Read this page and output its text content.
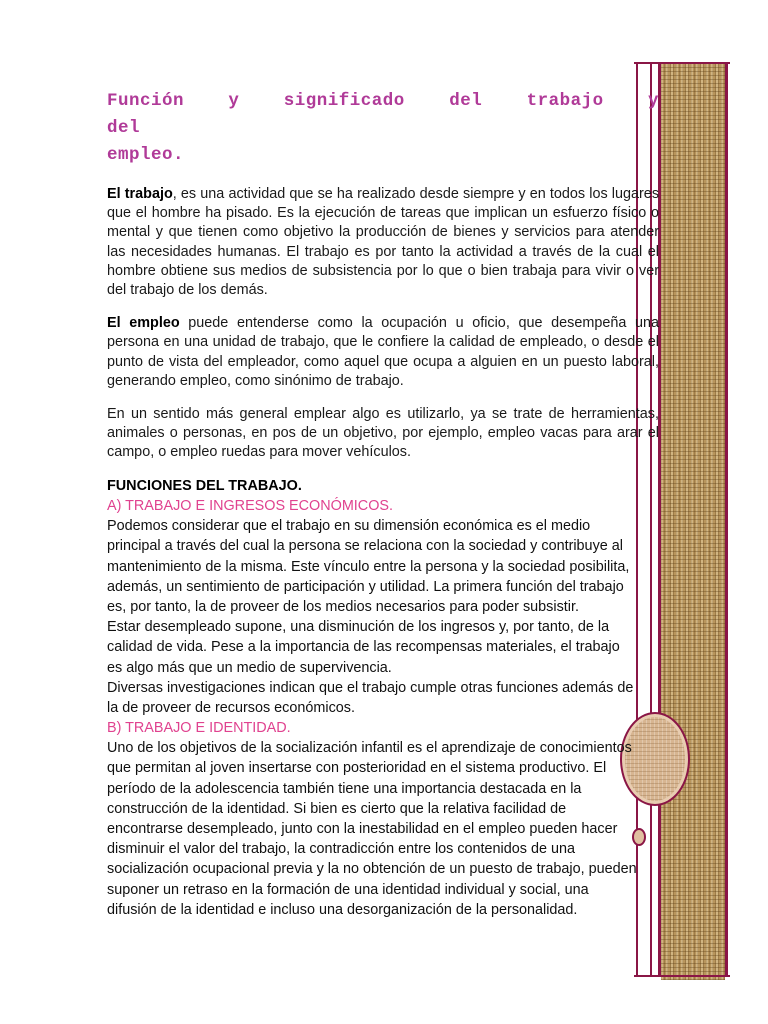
Función y significado del trabajo y del
empleo.

El trabajo, es una actividad que se ha realizado desde siempre y en todos los lugares que el hombre ha pisado. Es la ejecución de tareas que implican un esfuerzo físico o mental y que tienen como objetivo la producción de bienes y servicios para atender las necesidades humanas. El trabajo es por tanto la actividad a través de la cual el hombre obtiene sus medios de subsistencia por lo que o bien trabaja para vivir o ver del trabajo de los demás.

El empleo puede entenderse como la ocupación u oficio, que desempeña una persona en una unidad de trabajo, que le confiere la calidad de empleado, o desde el punto de vista del empleador, como aquel que ocupa a alguien en un puesto laboral, generando empleo, como sinónimo de trabajo.

En un sentido más general emplear algo es utilizarlo, ya se trate de herramientas, animales o personas, en pos de un objetivo, por ejemplo, empleo vacas para arar el campo, o empleo ruedas para mover vehículos.

FUNCIONES DEL TRABAJO.
A) TRABAJO E INGRESOS ECONÓMICOS.
Podemos considerar que el trabajo en su dimensión económica es el medio
principal a través del cual la persona se relaciona con la sociedad y contribuye al
mantenimiento de la misma. Este vínculo entre la persona y la sociedad posibilita,
además, un sentimiento de participación y utilidad. La primera función del trabajo
es, por tanto, la de proveer de los medios necesarios para poder subsistir.
Estar desempleado supone, una disminución de los ingresos y, por tanto, de la
calidad de vida. Pese a la importancia de las recompensas materiales, el trabajo
es algo más que un medio de supervivencia.
Diversas investigaciones indican que el trabajo cumple otras funciones además de
la de proveer de recursos económicos.
B) TRABAJO E IDENTIDAD.
Uno de los objetivos de la socialización infantil es el aprendizaje de conocimientos
que permitan al joven insertarse con posterioridad en el sistema productivo. El
período de la adolescencia también tiene una importancia destacada en la
construcción de la identidad. Si bien es cierto que la relativa facilidad de
encontrarse desempleado, junto con la inestabilidad en el empleo pueden hacer
disminuir el valor del trabajo, la contradicción entre los contenidos de una
socialización ocupacional previa y la no obtención de un puesto de trabajo, pueden
suponer un retraso en la formación de una identidad individual y social, una
difusión de la identidad e incluso una desorganización de la personalidad.
